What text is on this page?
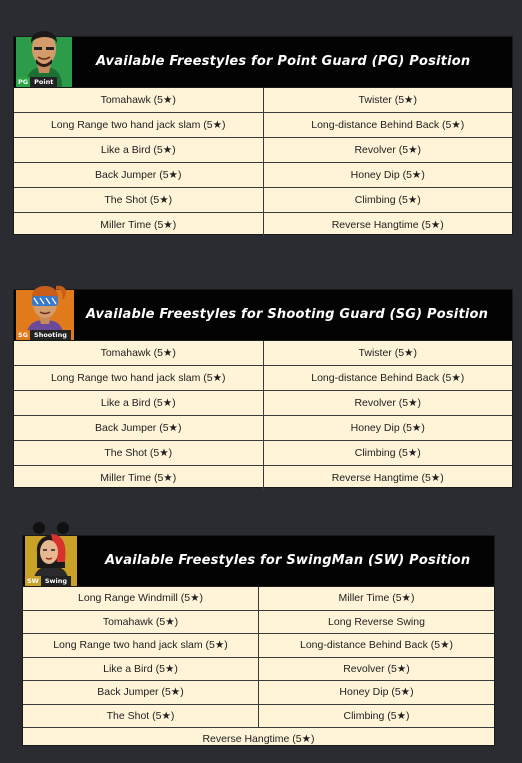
PG Point
Available Freestyles for Point Guard (PG) Position
Tomahawk (5★)	Twister (5★)
Long Range two hand jack slam (5★)	Long-distance Behind Back (5★)
Like a Bird (5★)	Revolver (5★)
Back Jumper (5★)	Honey Dip (5★)
The Shot (5★)	Climbing (5★)
Miller Time (5★)	Reverse Hangtime (5★)
SG Shooting
Available Freestyles for Shooting Guard (SG) Position
Tomahawk (5★)	Twister (5★)
Long Range two hand jack slam (5★)	Long-distance Behind Back (5★)
Like a Bird (5★)	Revolver (5★)
Back Jumper (5★)	Honey Dip (5★)
The Shot (5★)	Climbing (5★)
Miller Time (5★)	Reverse Hangtime (5★)
SW Swing
Available Freestyles for SwingMan (SW) Position
Long Range Windmill (5★)	Miller Time (5★)
Tomahawk (5★)	Long Reverse Swing
Long Range two hand jack slam (5★)	Long-distance Behind Back (5★)
Like a Bird (5★)	Revolver (5★)
Back Jumper (5★)	Honey Dip (5★)
The Shot (5★)	Climbing (5★)
Reverse Hangtime (5★)	
